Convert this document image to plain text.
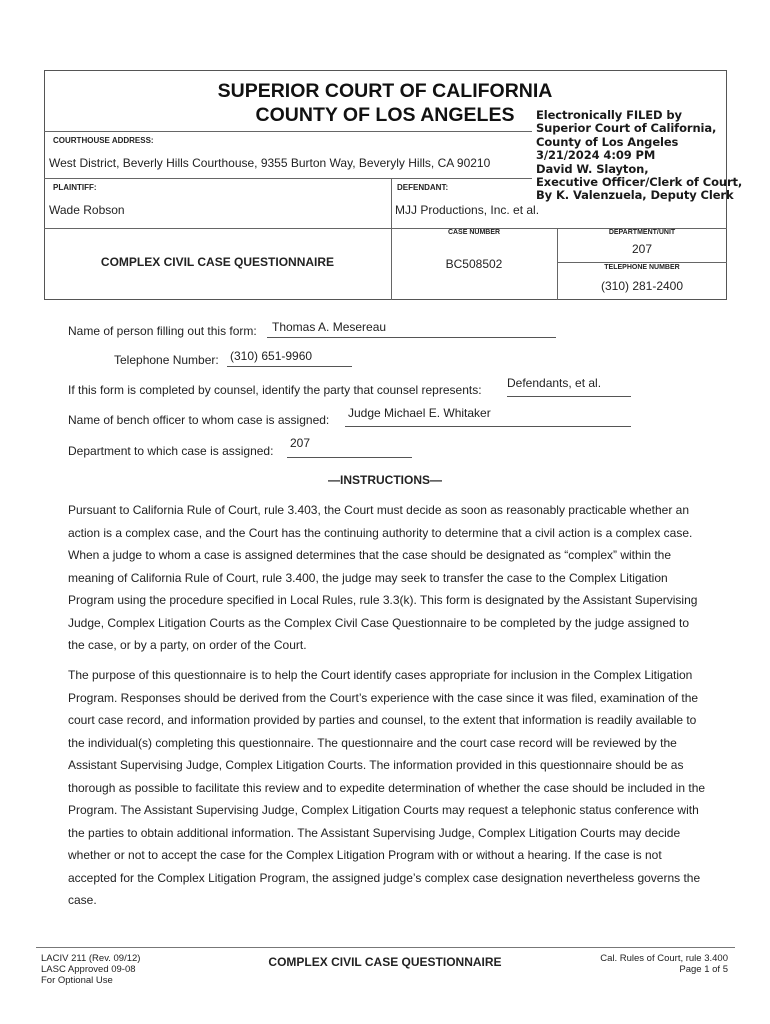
SUPERIOR COURT OF CALIFORNIA
COUNTY OF LOS ANGELES	Electronically FILED by
Superior Court of California,
County of Los Angeles
3/21/2024 4:09 PM
David W. Slayton,
Executive Officer/Clerk of Court,
By K. Valenzuela, Deputy Clerk
COURTHOUSE ADDRESS:
West District, Beverly Hills Courthouse, 9355 Burton Way, Beveryly Hills, CA 90210
PLAINTIFF:
Wade Robson
DEFENDANT:
MJJ Productions, Inc. et al.
COMPLEX CIVIL CASE QUESTIONNAIRE
CASE NUMBER
BC508502
DEPARTMENT/UNIT
207
TELEPHONE NUMBER
(310) 281-2400
Name of person filling out this form: Thomas A. Mesereau
Telephone Number: (310) 651-9960
If this form is completed by counsel, identify the party that counsel represents: Defendants, et al.
Name of bench officer to whom case is assigned: Judge Michael E. Whitaker
Department to which case is assigned:
207
—INSTRUCTIONS—

Pursuant to California Rule of Court, rule 3.403, the Court must decide as soon as reasonably practicable whether an action is a complex case, and the Court has the continuing authority to determine that a civil action is a complex case. When a judge to whom a case is assigned determines that the case should be designated as “complex” within the meaning of California Rule of Court, rule 3.400, the judge may seek to transfer the case to the Complex Litigation Program using the procedure specified in Local Rules, rule 3.3(k). This form is designated by the Assistant Supervising Judge, Complex Litigation Courts as the Complex Civil Case Questionnaire to be completed by the judge assigned to the case, or by a party, on order of the Court.

The purpose of this questionnaire is to help the Court identify cases appropriate for inclusion in the Complex Litigation Program. Responses should be derived from the Court’s experience with the case since it was filed, examination of the court case record, and information provided by parties and counsel, to the extent that information is readily available to the individual(s) completing this questionnaire. The questionnaire and the court case record will be reviewed by the Assistant Supervising Judge, Complex Litigation Courts. The information provided in this questionnaire should be as thorough as possible to facilitate this review and to expedite determination of whether the case should be included in the Program. The Assistant Supervising Judge, Complex Litigation Courts may request a telephonic status conference with the parties to obtain additional information. The Assistant Supervising Judge, Complex Litigation Courts may decide whether or not to accept the case for the Complex Litigation Program with or without a hearing. If the case is not accepted for the Complex Litigation Program, the assigned judge’s complex case designation nevertheless governs the case.

LACIV 211 (Rev. 09/12)
LASC Approved 09-08
For Optional Use
COMPLEX CIVIL CASE QUESTIONNAIRE	Cal. Rules of Court, rule 3.400
Page 1 of 5
